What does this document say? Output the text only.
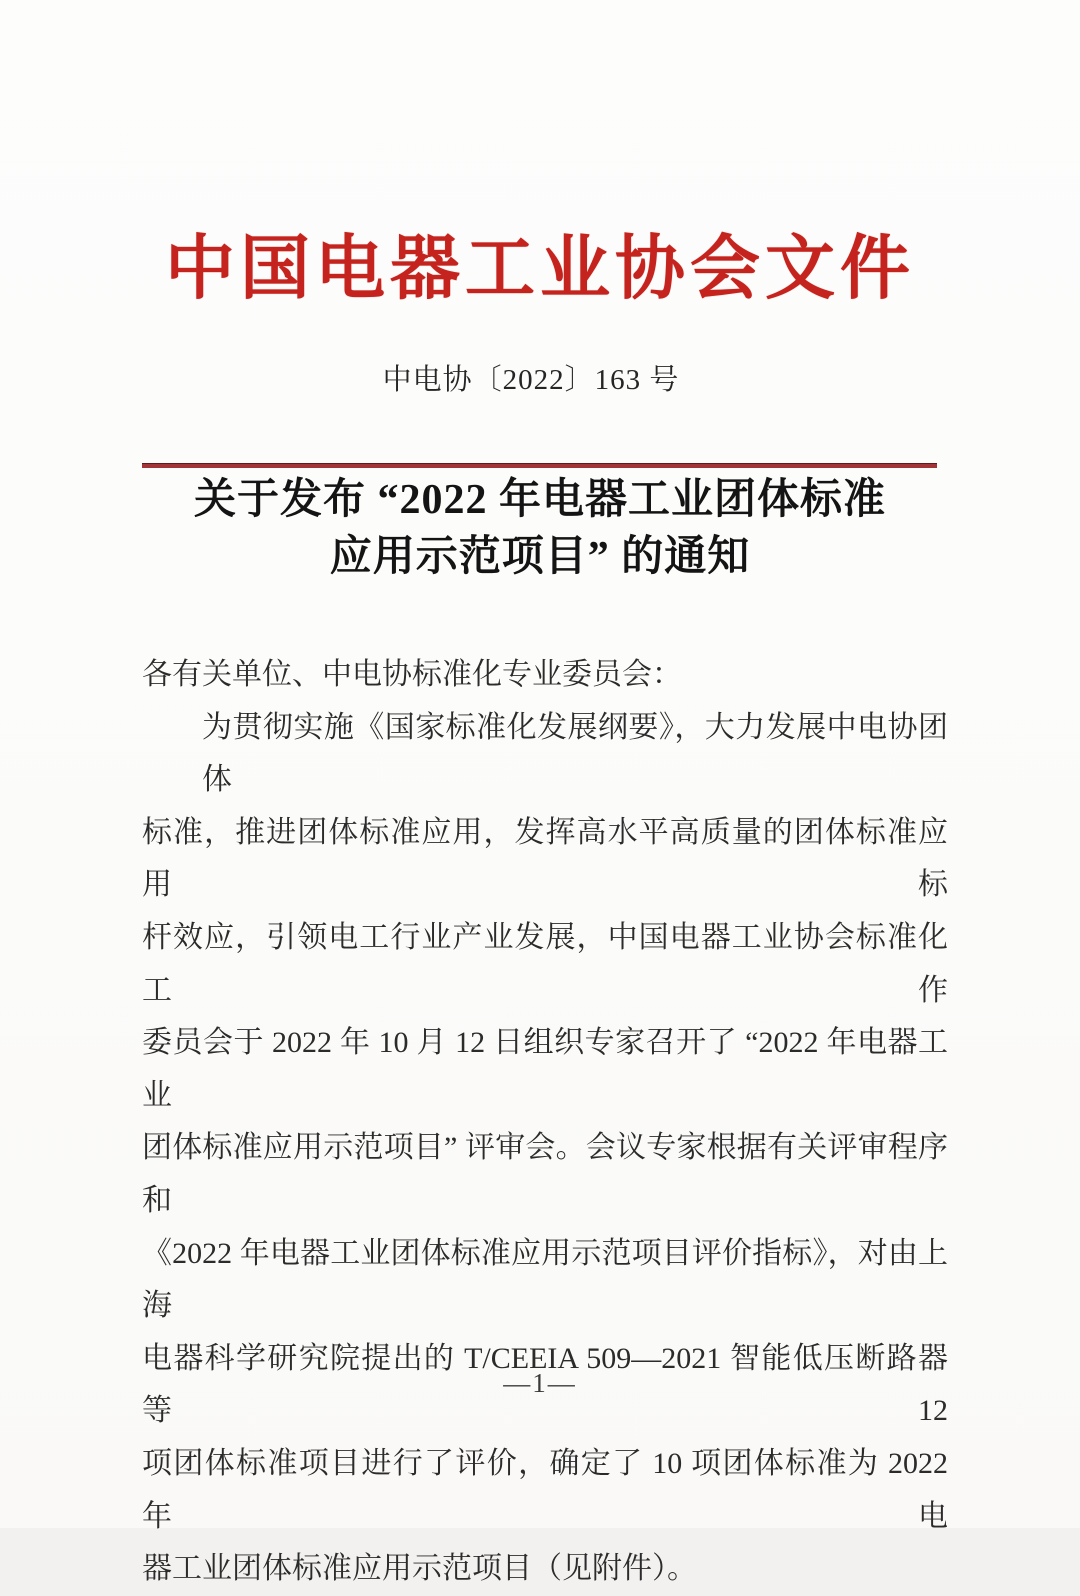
中国电器工业协会文件
中电协〔2022〕163 号
关于发布 “2022 年电器工业团体标准
应用示范项目” 的通知
各有关单位、中电协标准化专业委员会：
为贯彻实施《国家标准化发展纲要》，大力发展中电协团体
标准，推进团体标准应用，发挥高水平高质量的团体标准应用标
杆效应，引领电工行业产业发展，中国电器工业协会标准化工作
委员会于 2022 年 10 月 12 日组织专家召开了 “2022 年电器工业
团体标准应用示范项目” 评审会。会议专家根据有关评审程序和
《2022 年电器工业团体标准应用示范项目评价指标》，对由上海
电器科学研究院提出的 T/CEEIA 509—2021 智能低压断路器等 12
项团体标准项目进行了评价，确定了 10 项团体标准为 2022 年电
器工业团体标准应用示范项目（见附件）。
—1—
